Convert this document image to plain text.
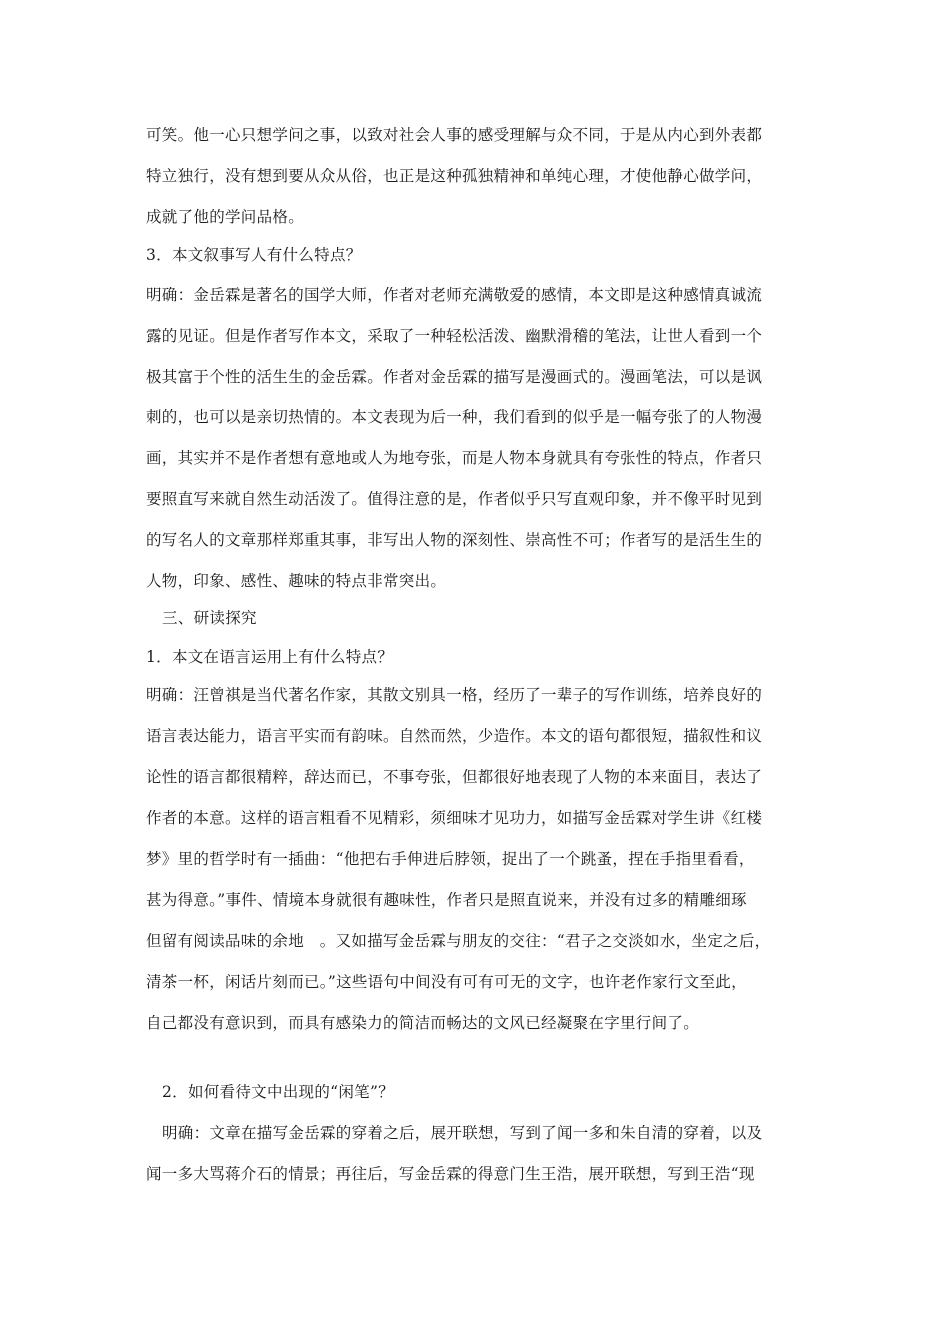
可笑。他一心只想学问之事，以致对社会人事的感受理解与众不同，于是从内心到外表都
特立独行，没有想到要从众从俗，也正是这种孤独精神和单纯心理，才使他静心做学问，
成就了他的学问品格。
3．本文叙事写人有什么特点？
明确：金岳霖是著名的国学大师，作者对老师充满敬爱的感情，本文即是这种感情真诚流
露的见证。但是作者写作本文，采取了一种轻松活泼、幽默滑稽的笔法，让世人看到一个
极其富于个性的活生生的金岳霖。作者对金岳霖的描写是漫画式的。漫画笔法，可以是讽
刺的，也可以是亲切热情的。本文表现为后一种，我们看到的似乎是一幅夸张了的人物漫
画，其实并不是作者想有意地或人为地夸张，而是人物本身就具有夸张性的特点，作者只
要照直写来就自然生动活泼了。值得注意的是，作者似乎只写直观印象，并不像平时见到
的写名人的文章那样郑重其事，非写出人物的深刻性、崇高性不可；作者写的是活生生的
人物，印象、感性、趣味的特点非常突出。
三、研读探究
1．本文在语言运用上有什么特点？
明确：汪曾祺是当代著名作家，其散文别具一格，经历了一辈子的写作训练，培养良好的
语言表达能力，语言平实而有韵味。自然而然，少造作。本文的语句都很短，描叙性和议
论性的语言都很精粹，辞达而已，不事夸张，但都很好地表现了人物的本来面目，表达了
作者的本意。这样的语言粗看不见精彩，须细味才见功力，如描写金岳霖对学生讲《红楼
梦》里的哲学时有一插曲：“他把右手伸进后脖领，捉出了一个跳蚤，捏在手指里看看，
甚为得意。”事件、情境本身就很有趣味性，作者只是照直说来，并没有过多的精雕细琢
但留有阅读品味的余地　。又如描写金岳霖与朋友的交往：“君子之交淡如水，坐定之后，
清茶一杯，闲话片刻而已。”这些语句中间没有可有可无的文字，也许老作家行文至此，
自己都没有意识到，而具有感染力的简洁而畅达的文风已经凝聚在字里行间了。
2．如何看待文中出现的“闲笔”？
明确：文章在描写金岳霖的穿着之后，展开联想，写到了闻一多和朱自清的穿着，以及
闻一多大骂蒋介石的情景；再往后，写金岳霖的得意门生王浩，展开联想，写到王浩“现
